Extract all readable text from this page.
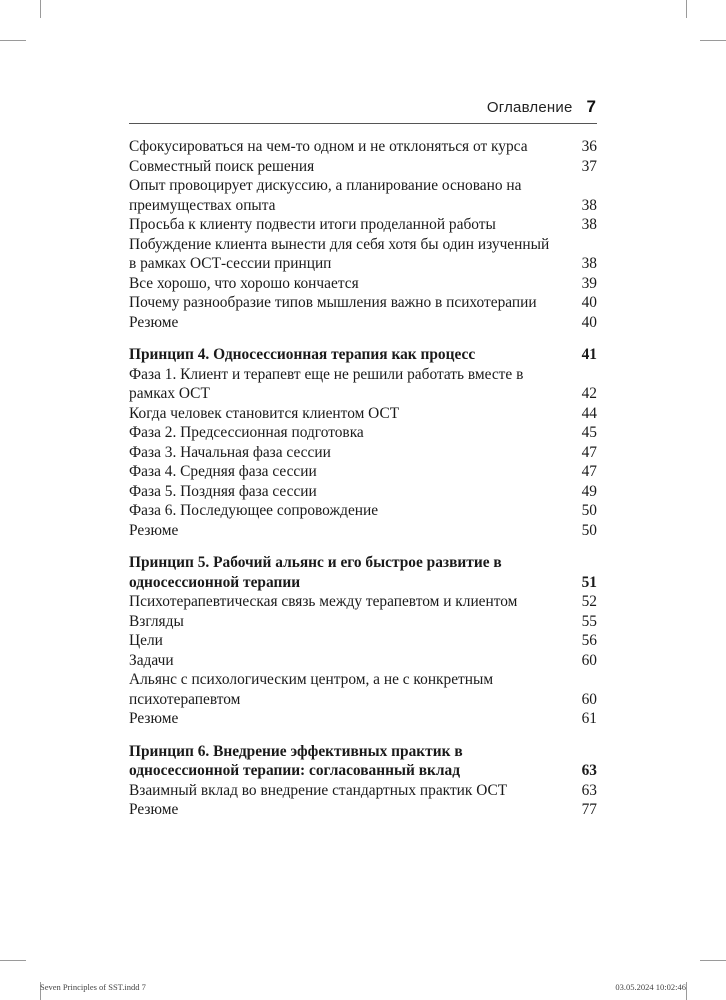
Оглавление 7
Сфокусироваться на чем-то одном и не отклоняться от курса	36
Совместный поиск решения	37
Опыт провоцирует дискуссию, а планирование основано на преимуществах опыта	38
Просьба к клиенту подвести итоги проделанной работы	38
Побуждение клиента вынести для себя хотя бы один изученный в рамках ОСТ-сессии принцип	38
Все хорошо, что хорошо кончается	39
Почему разнообразие типов мышления важно в психотерапии	40
Резюме	40
Принцип 4. Односессионная терапия как процесс	41
Фаза 1. Клиент и терапевт еще не решили работать вместе в рамках ОСТ	42
Когда человек становится клиентом ОСТ	44
Фаза 2. Предсессионная подготовка	45
Фаза 3. Начальная фаза сессии	47
Фаза 4. Средняя фаза сессии	47
Фаза 5. Поздняя фаза сессии	49
Фаза 6. Последующее сопровождение	50
Резюме	50
Принцип 5. Рабочий альянс и его быстрое развитие в односессионной терапии	51
Психотерапевтическая связь между терапевтом и клиентом	52
Взгляды	55
Цели	56
Задачи	60
Альянс с психологическим центром, а не с конкретным психотерапевтом	60
Резюме	61
Принцип 6. Внедрение эффективных практик в односессионной терапии: согласованный вклад	63
Взаимный вклад во внедрение стандартных практик ОСТ	63
Резюме	77
Seven Principles of SST.indd 7	03.05.2024 10:02:46
